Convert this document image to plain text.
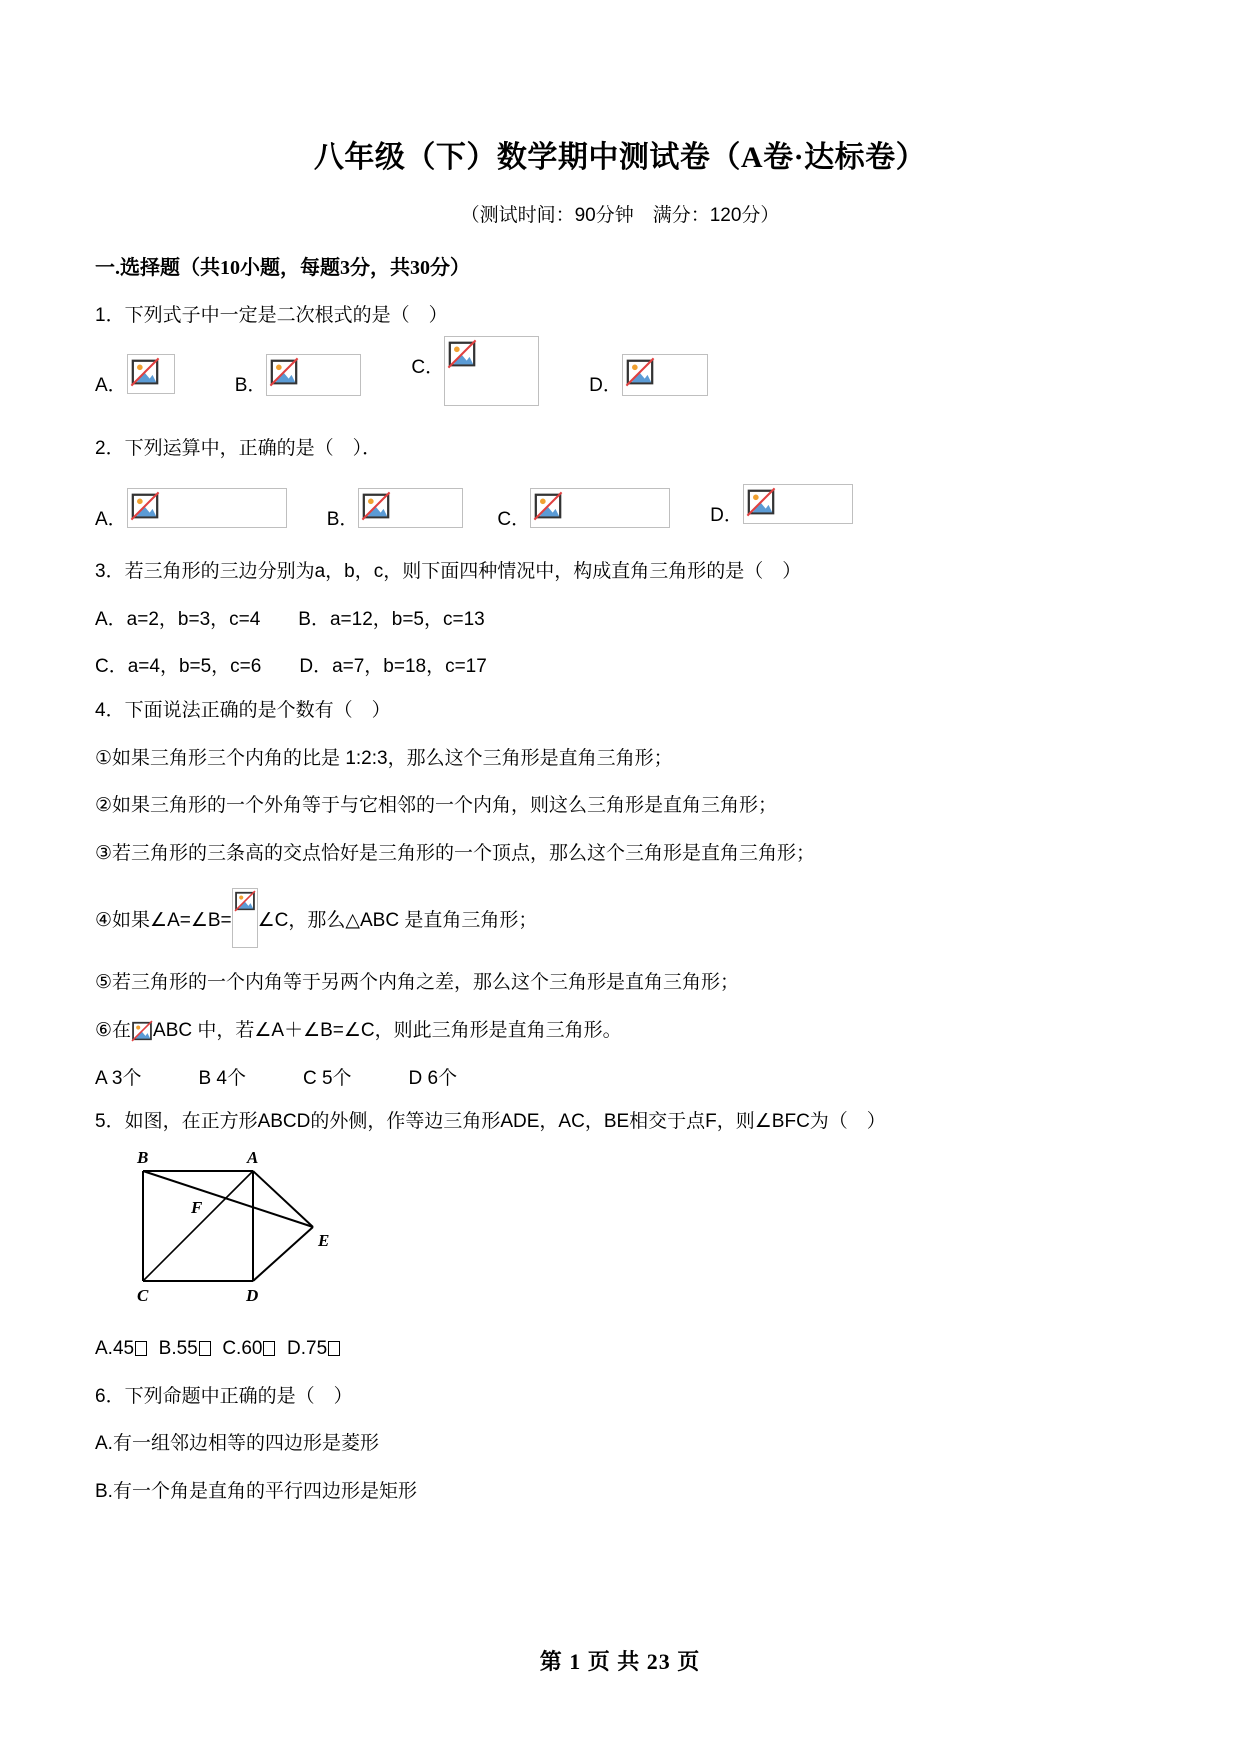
八年级（下）数学期中测试卷（A卷·达标卷）

（测试时间：90分钟　满分：120分）

一.选择题（共10小题，每题3分，共30分）

1．下列式子中一定是二次根式的是（　）

A．	B．
C．
D．

2．下列运算中，正确的是（　）．

A．	B．	C．	D．

3．若三角形的三边分别为a，b，c，则下面四种情况中，构成直角三角形的是（　）

A．a=2，b=3，c=4　　B．a=12，b=5，c=13

C．a=4，b=5，c=6　　D．a=7，b=18，c=17

4．下面说法正确的是个数有（　）

①如果三角形三个内角的比是 1:2:3，那么这个三角形是直角三角形；

②如果三角形的一个外角等于与它相邻的一个内角，则这么三角形是直角三角形；

③若三角形的三条高的交点恰好是三角形的一个顶点，那么这个三角形是直角三角形；

④如果∠A=∠B= ∠C，那么△ABC 是直角三角形；

⑤若三角形的一个内角等于另两个内角之差，那么这个三角形是直角三角形；

⑥在 ABC 中，若∠A＋∠B=∠C，则此三角形是直角三角形。

A 3个　　　B 4个　　　C 5个　　　D 6个

5．如图，在正方形ABCD的外侧，作等边三角形ADE，AC，BE相交于点F，则∠BFC为（　）

B	A
F
E
C	D

A.45 B.55 C.60 D.75

6．下列命题中正确的是（　）

A.有一组邻边相等的四边形是菱形

B.有一个角是直角的平行四边形是矩形

第 1 页 共 23 页
